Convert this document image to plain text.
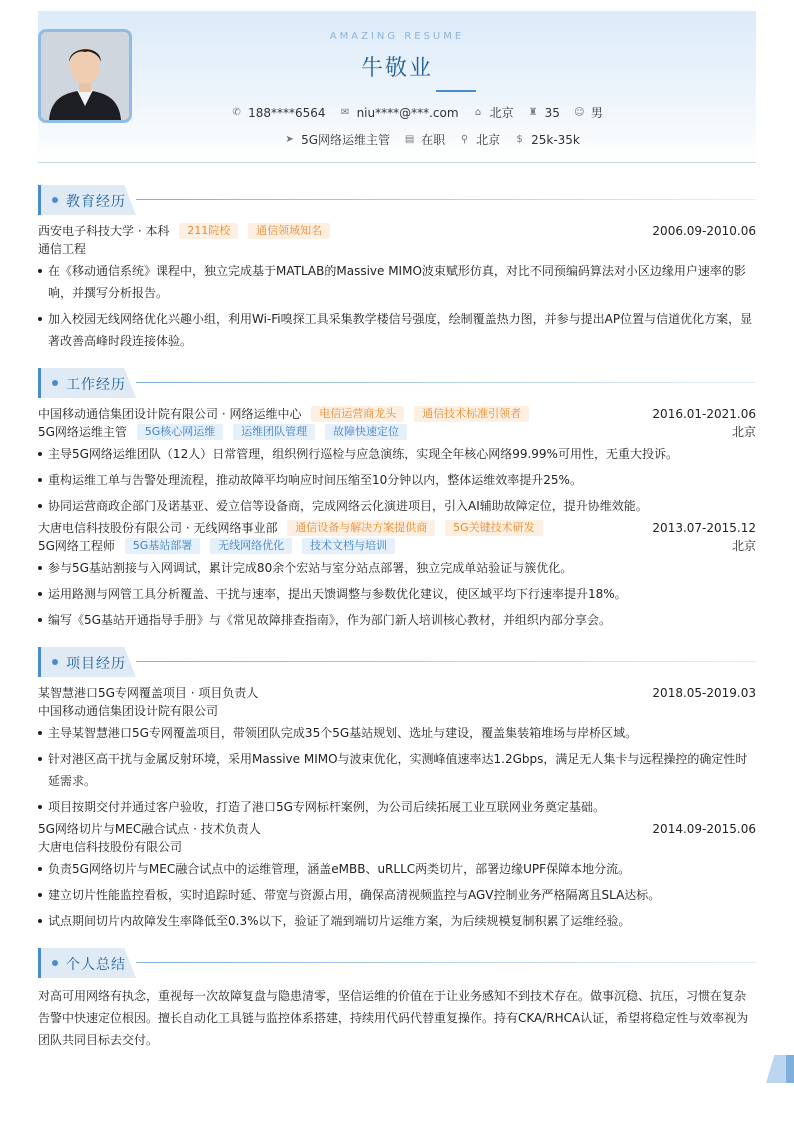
AMAZING RESUME
牛敬业
✆ 188****6564 ✉ niu****@***.com ⌂ 北京 ♜ 35 ☺ 男
➤ 5G网络运维主管 ▤ 在职 ⚲ 北京 $ 25k-35k
教育经历
西安电子科技大学 · 本科 211院校 通信领域知名	2006.09-2010.06
通信工程
在《移动通信系统》课程中，独立完成基于MATLAB的Massive MIMO波束赋形仿真，对比不同预编码算法对小区边缘用户速率的影响，并撰写分析报告。
加入校园无线网络优化兴趣小组，利用Wi-Fi嗅探工具采集教学楼信号强度，绘制覆盖热力图，并参与提出AP位置与信道优化方案，显著改善高峰时段连接体验。
工作经历
中国移动通信集团设计院有限公司 · 网络运维中心 电信运营商龙头 通信技术标准引领者	2016.01-2021.06
5G网络运维主管 5G核心网运维 运维团队管理 故障快速定位	北京
主导5G网络运维团队（12人）日常管理，组织例行巡检与应急演练，实现全年核心网络99.99%可用性，无重大投诉。
重构运维工单与告警处理流程，推动故障平均响应时间压缩至10分钟以内，整体运维效率提升25%。
协同运营商政企部门及诺基亚、爱立信等设备商，完成网络云化演进项目，引入AI辅助故障定位，提升协维效能。
大唐电信科技股份有限公司 · 无线网络事业部 通信设备与解决方案提供商 5G关键技术研发	2013.07-2015.12
5G网络工程师 5G基站部署 无线网络优化 技术文档与培训	北京
参与5G基站割接与入网调试，累计完成80余个宏站与室分站点部署，独立完成单站验证与簇优化。
运用路测与网管工具分析覆盖、干扰与速率，提出天馈调整与参数优化建议，使区域平均下行速率提升18%。
编写《5G基站开通指导手册》与《常见故障排查指南》，作为部门新人培训核心教材，并组织内部分享会。
项目经历
某智慧港口5G专网覆盖项目 · 项目负责人	2018.05-2019.03
中国移动通信集团设计院有限公司
主导某智慧港口5G专网覆盖项目，带领团队完成35个5G基站规划、选址与建设，覆盖集装箱堆场与岸桥区域。
针对港区高干扰与金属反射环境，采用Massive MIMO与波束优化，实测峰值速率达1.2Gbps，满足无人集卡与远程操控的确定性时延需求。
项目按期交付并通过客户验收，打造了港口5G专网标杆案例，为公司后续拓展工业互联网业务奠定基础。
5G网络切片与MEC融合试点 · 技术负责人	2014.09-2015.06
大唐电信科技股份有限公司
负责5G网络切片与MEC融合试点中的运维管理，涵盖eMBB、uRLLC两类切片，部署边缘UPF保障本地分流。
建立切片性能监控看板，实时追踪时延、带宽与资源占用，确保高清视频监控与AGV控制业务严格隔离且SLA达标。
试点期间切片内故障发生率降低至0.3%以下，验证了端到端切片运维方案，为后续规模复制积累了运维经验。
个人总结
对高可用网络有执念，重视每一次故障复盘与隐患清零，坚信运维的价值在于让业务感知不到技术存在。做事沉稳、抗压，习惯在复杂告警中快速定位根因。擅长自动化工具链与监控体系搭建，持续用代码代替重复操作。持有CKA/RHCA认证，希望将稳定性与效率视为团队共同目标去交付。
